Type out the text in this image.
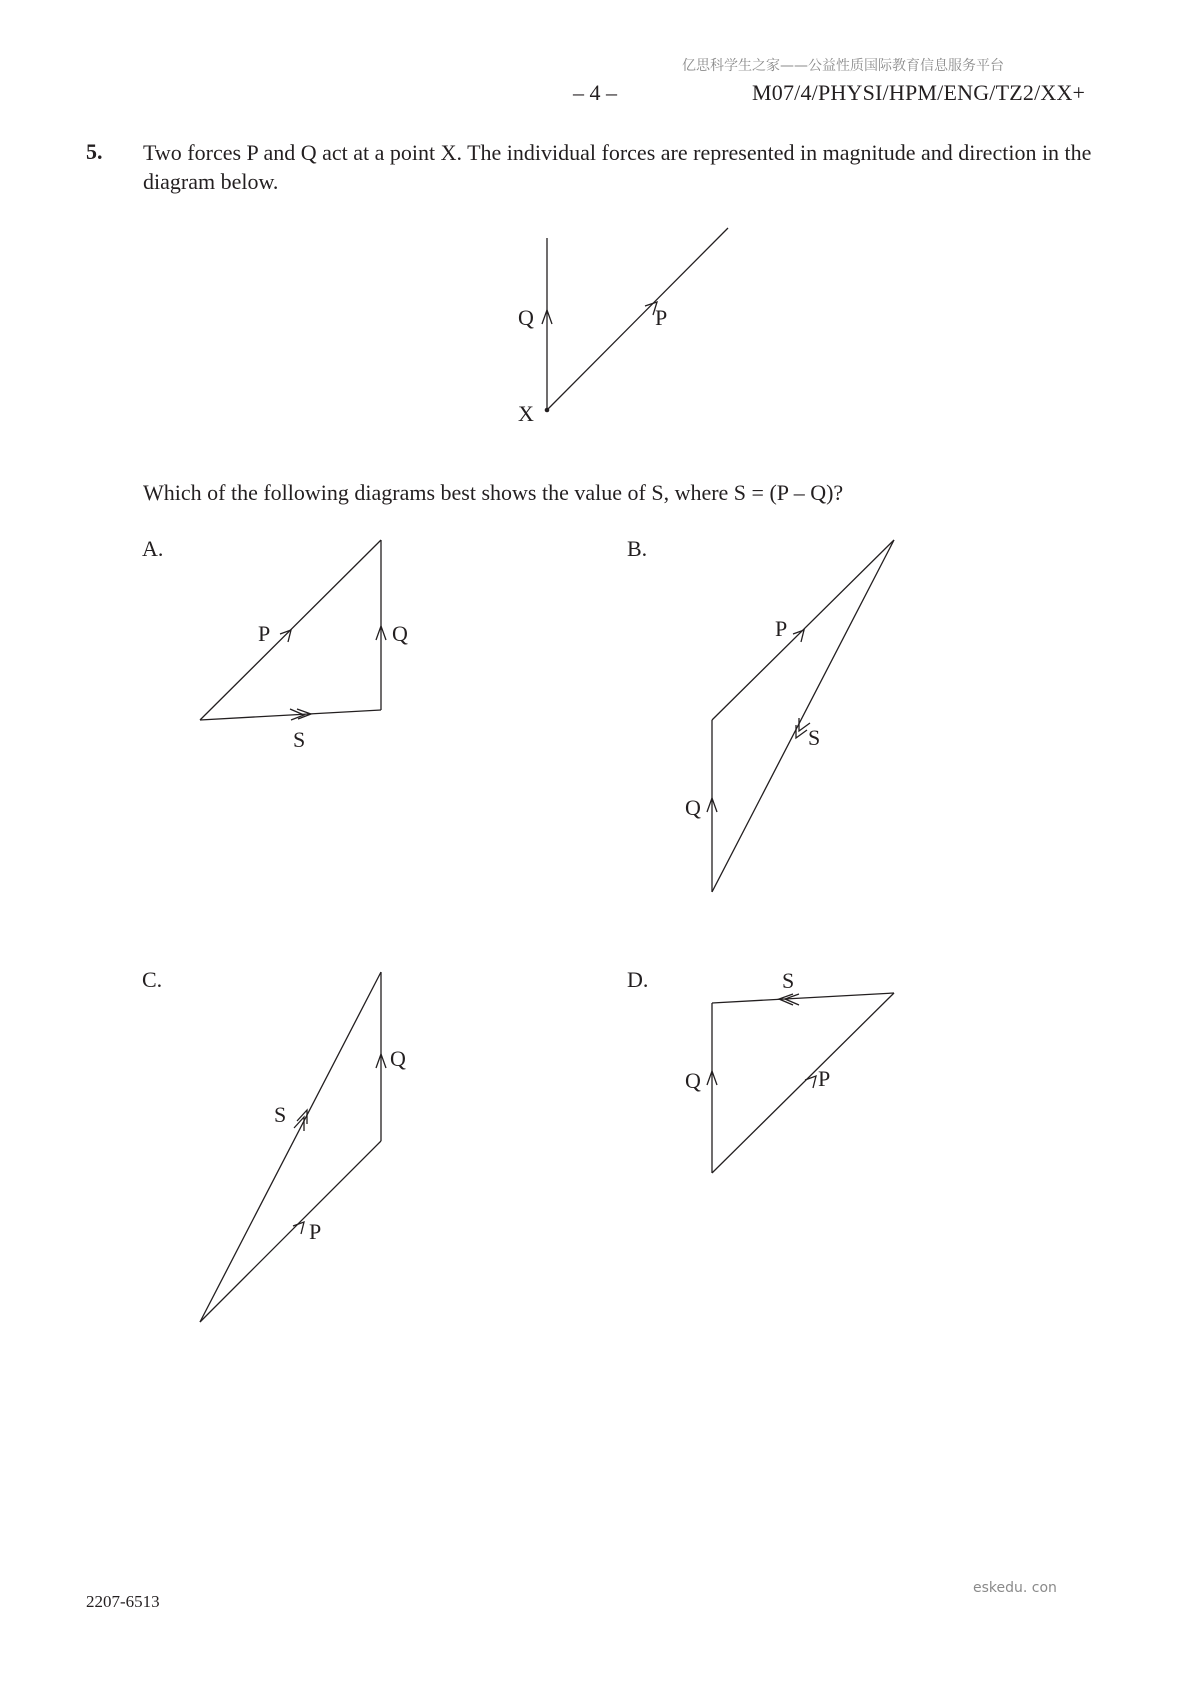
亿思科学生之家——公益性质国际教育信息服务平台
– 4 –	M07/4/PHYSI/HPM/ENG/TZ2/XX+
5. Two forces P and Q act at a point X. The individual forces are represented in magnitude and direction in the diagram below.
Q	P
X
P	Q
S
P
S
Q
P
Q
S
Q	P
S
Which of the following diagrams best shows the value of S, where S = (P – Q)?
A.	B.
C.	D.
2207-6513
eskedu. con
